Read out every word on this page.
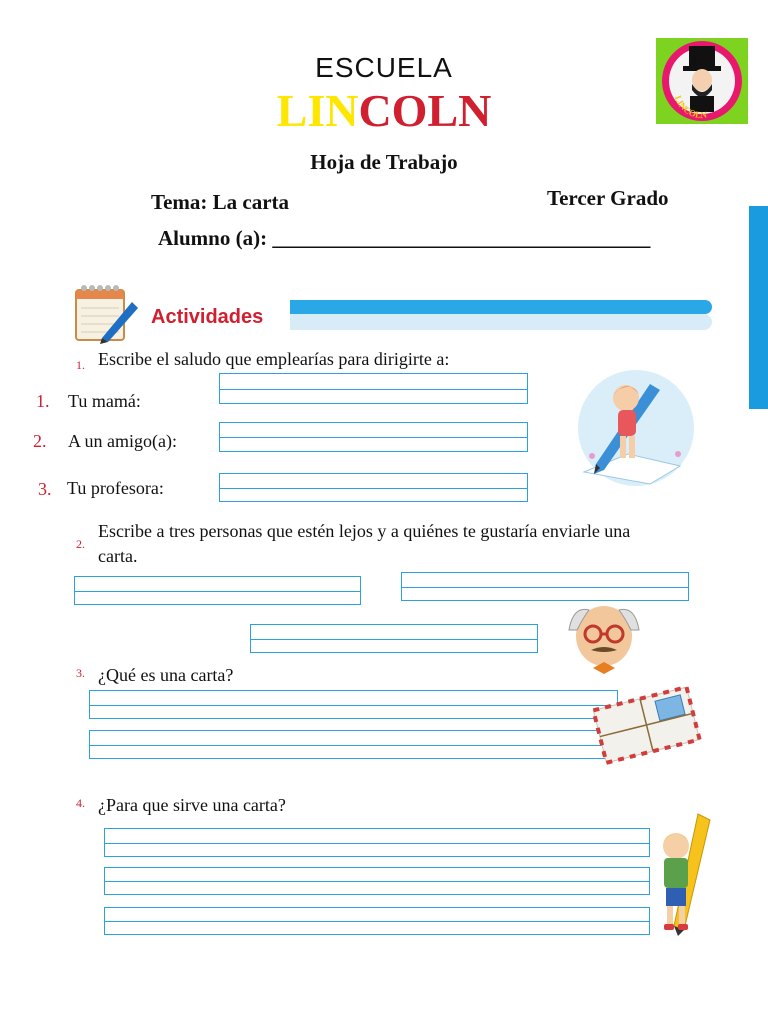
ESCUELA
LINCOLN
Hoja de Trabajo
Tema: La carta	Tercer Grado
Alumno (a): ____________________________________
LINCOLN
Actividades
1. Escribe el saludo que emplearías para dirigirte a:
1. Tu mamá:
2. A un amigo(a):
3. Tu profesora:
2.
Escribe a tres personas que estén lejos y a quiénes te gustaría enviarle una
carta.
3. ¿Qué es una carta?
4. ¿Para que sirve una carta?
